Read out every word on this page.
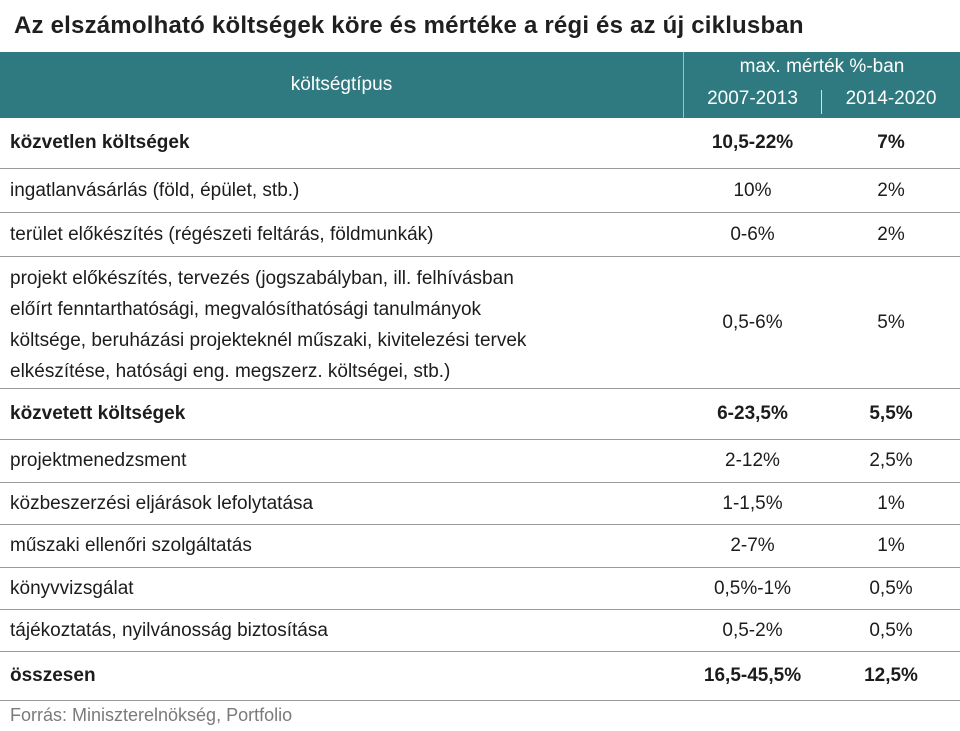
Az elszámolható költségek köre és mértéke a régi és az új ciklusban
költségtípus
max. mérték %-ban
2007-2013	2014-2020
közvetlen költségek	10,5-22%	7%
ingatlanvásárlás (föld, épület, stb.)	10%	2%
terület előkészítés (régészeti feltárás, földmunkák)	0-6%	2%
projekt előkészítés, tervezés (jogszabályban, ill. felhívásban
előírt fenntarthatósági, megvalósíthatósági tanulmányok
költsége, beruházási projekteknél műszaki, kivitelezési tervek
elkészítése, hatósági eng. megszerz. költségei, stb.)
0,5-6%	5%
közvetett költségek	6-23,5%	5,5%
projektmenedzsment	2-12%	2,5%
közbeszerzési eljárások lefolytatása	1-1,5%	1%
műszaki ellenőri szolgáltatás	2-7%	1%
könyvvizsgálat	0,5%-1%	0,5%
tájékoztatás, nyilvánosság biztosítása	0,5-2%	0,5%
összesen	16,5-45,5%	12,5%
Forrás: Miniszterelnökség, Portfolio
